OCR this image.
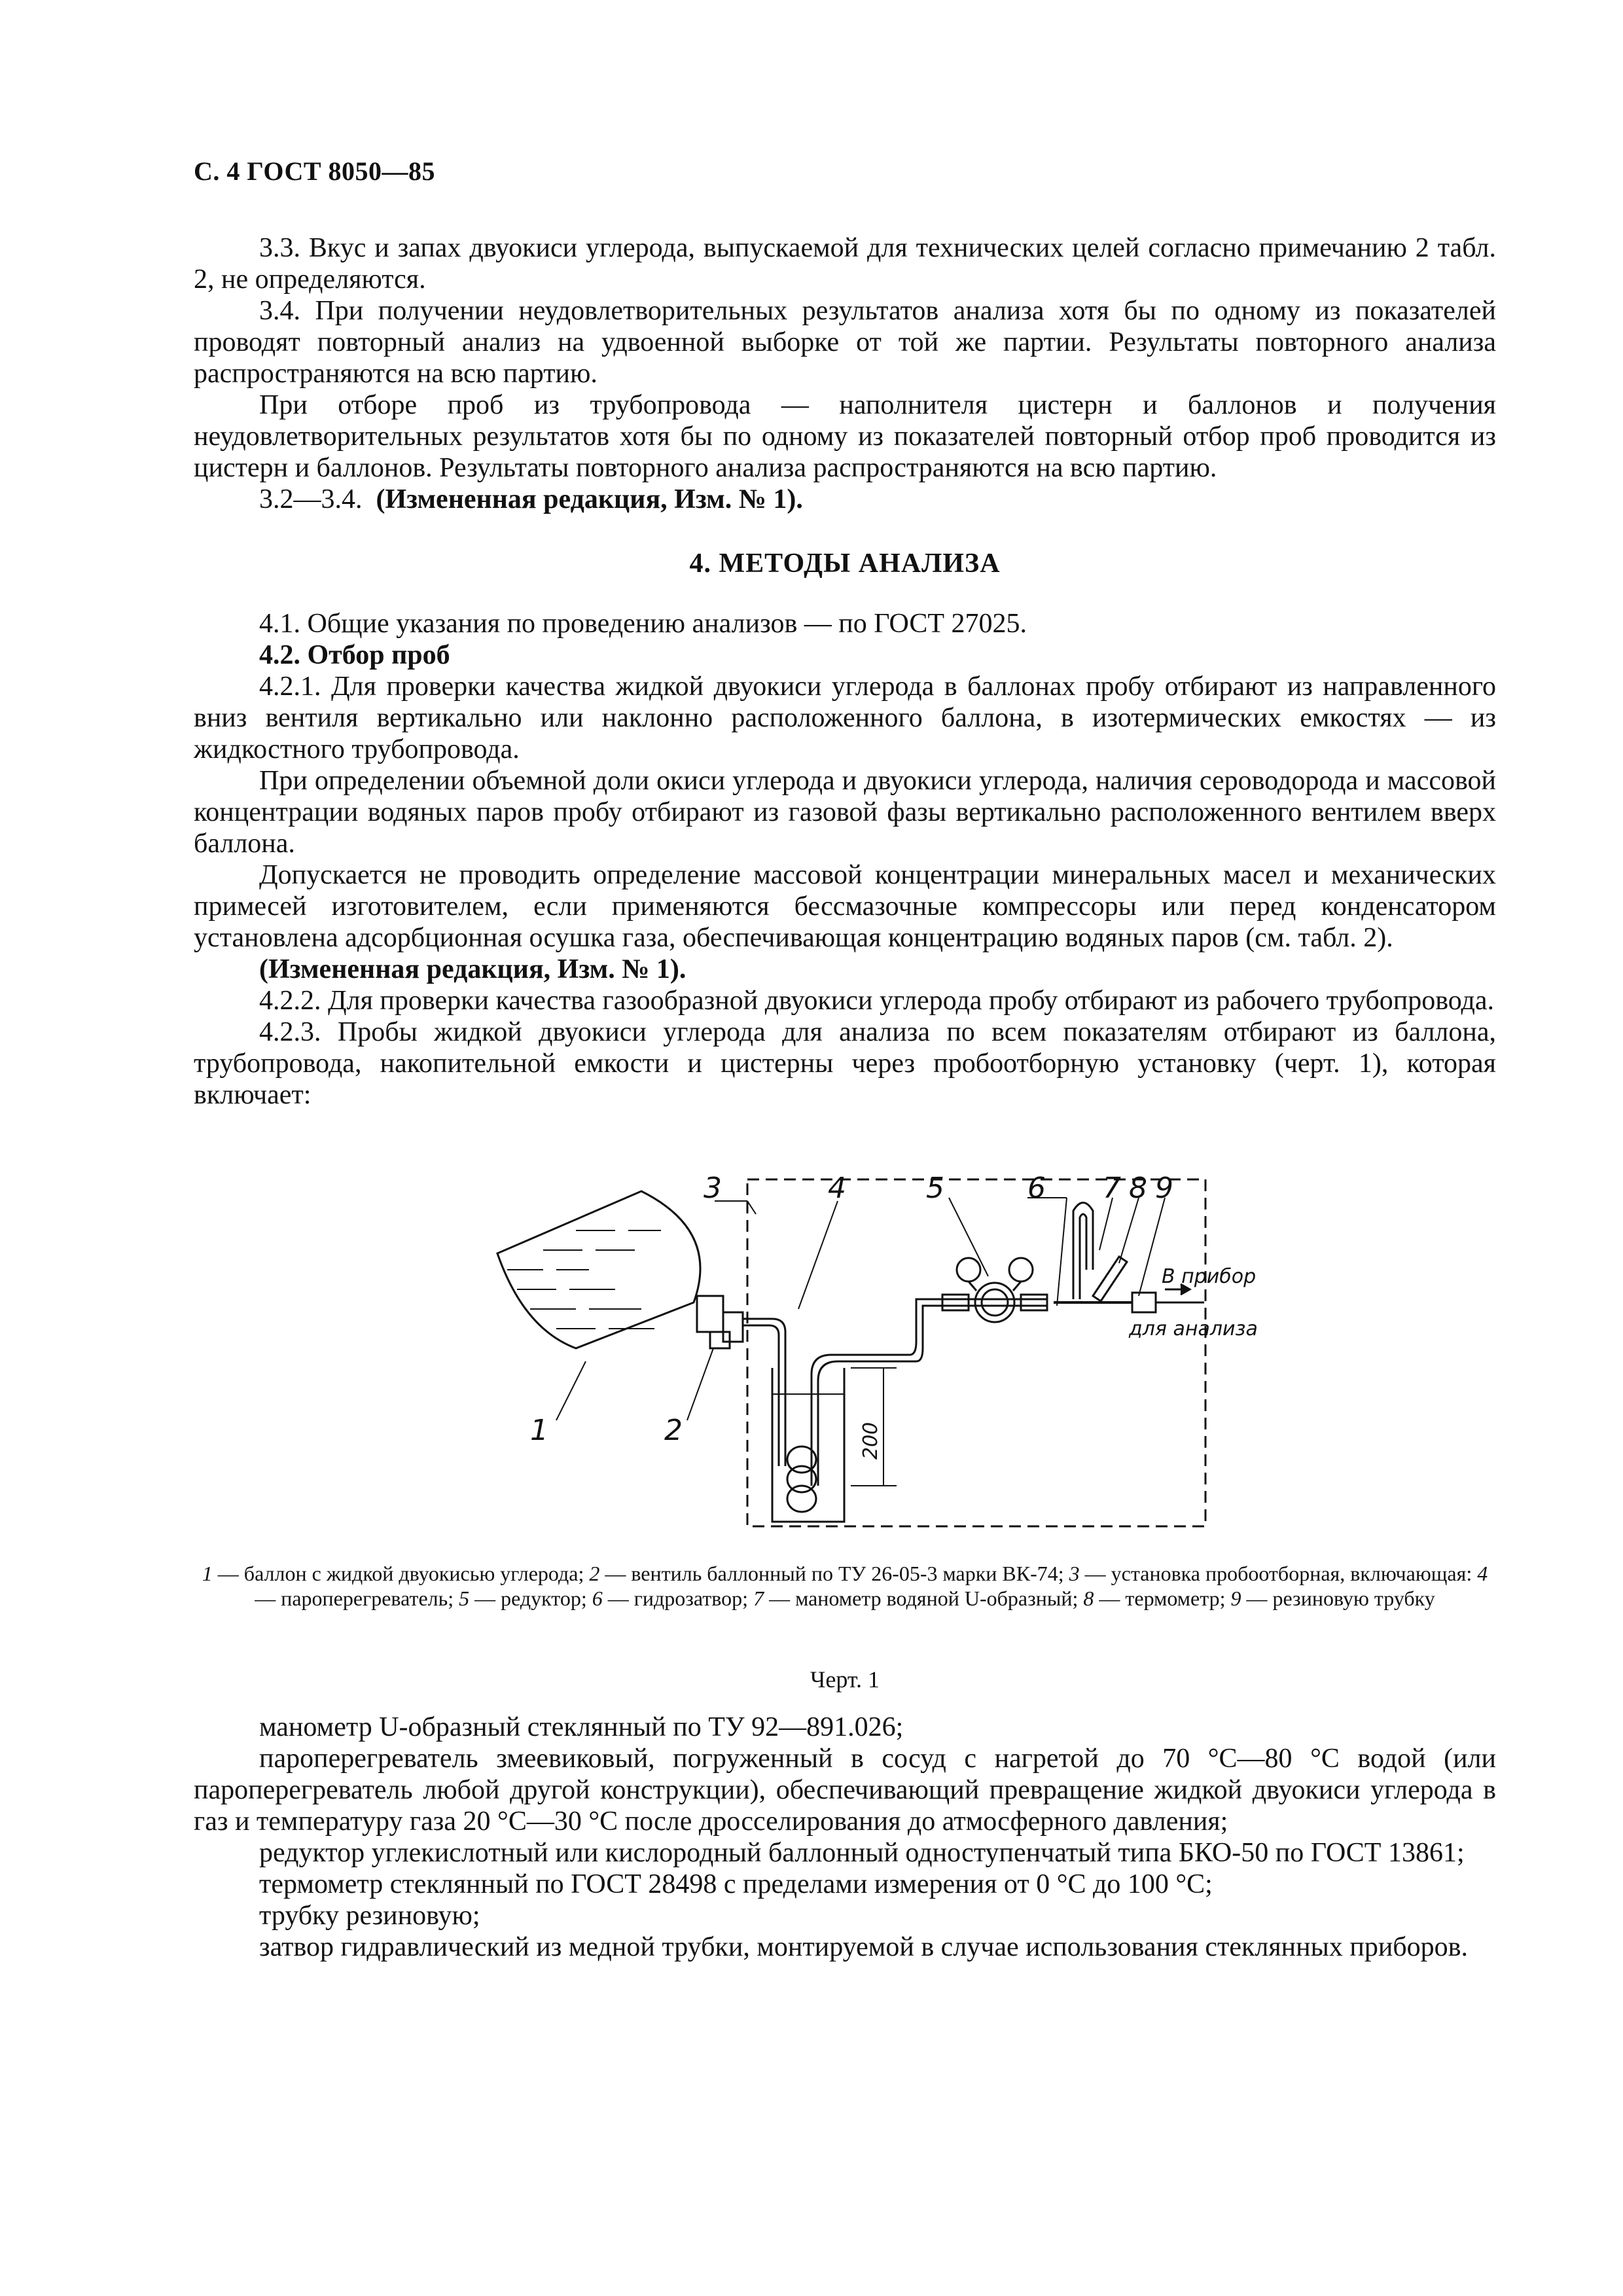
С. 4 ГОСТ 8050—85

3.3. Вкус и запах двуокиси углерода, выпускаемой для технических целей согласно примечанию 2 табл. 2, не определяются.

3.4. При получении неудовлетворительных результатов анализа хотя бы по одному из показателей проводят повторный анализ на удвоенной выборке от той же партии. Результаты повторного анализа распространяются на всю партию.

При отборе проб из трубопровода — наполнителя цистерн и баллонов и получения неудовлетворительных результатов хотя бы по одному из показателей повторный отбор проб проводится из цистерн и баллонов. Результаты повторного анализа распространяются на всю партию.

3.2—3.4. (Измененная редакция, Изм. № 1).

4. МЕТОДЫ АНАЛИЗА

4.1. Общие указания по проведению анализов — по ГОСТ 27025.

4.2. Отбор проб

4.2.1. Для проверки качества жидкой двуокиси углерода в баллонах пробу отбирают из направленного вниз вентиля вертикально или наклонно расположенного баллона, в изотермических емкостях — из жидкостного трубопровода.

При определении объемной доли окиси углерода и двуокиси углерода, наличия сероводорода и массовой концентрации водяных паров пробу отбирают из газовой фазы вертикально расположенного вентилем вверх баллона.

Допускается не проводить определение массовой концентрации минеральных масел и механических примесей изготовителем, если применяются бессмазочные компрессоры или перед конденсатором установлена адсорбционная осушка газа, обеспечивающая концентрацию водяных паров (см. табл. 2).

(Измененная редакция, Изм. № 1).

4.2.2. Для проверки качества газообразной двуокиси углерода пробу отбирают из рабочего трубопровода.

4.2.3. Пробы жидкой двуокиси углерода для анализа по всем показателям отбирают из баллона, трубопровода, накопительной емкости и цистерны через пробоотборную установку (черт. 1), которая включает:

1	2
3	4	5	6 7 8 9
В прибор
для анализа
200
1 — баллон с жидкой двуокисью углерода; 2 — вентиль баллонный по ТУ 26-05-3 марки ВК-74; 3 — установка пробоотборная, включающая: 4 — пароперегреватель; 5 — редуктор; 6 — гидрозатвор; 7 — манометр водяной U-образный; 8 — термометр; 9 — резиновую трубку
Черт. 1

манометр U-образный стеклянный по ТУ 92—891.026;

пароперегреватель змеевиковый, погруженный в сосуд с нагретой до 70 °С—80 °С водой (или пароперегреватель любой другой конструкции), обеспечивающий превращение жидкой двуокиси углерода в газ и температуру газа 20 °С—30 °С после дросселирования до атмосферного давления;

редуктор углекислотный или кислородный баллонный одноступенчатый типа БКО-50 по ГОСТ 13861;

термометр стеклянный по ГОСТ 28498 с пределами измерения от 0 °С до 100 °С;

трубку резиновую;

затвор гидравлический из медной трубки, монтируемой в случае использования стеклянных приборов.
